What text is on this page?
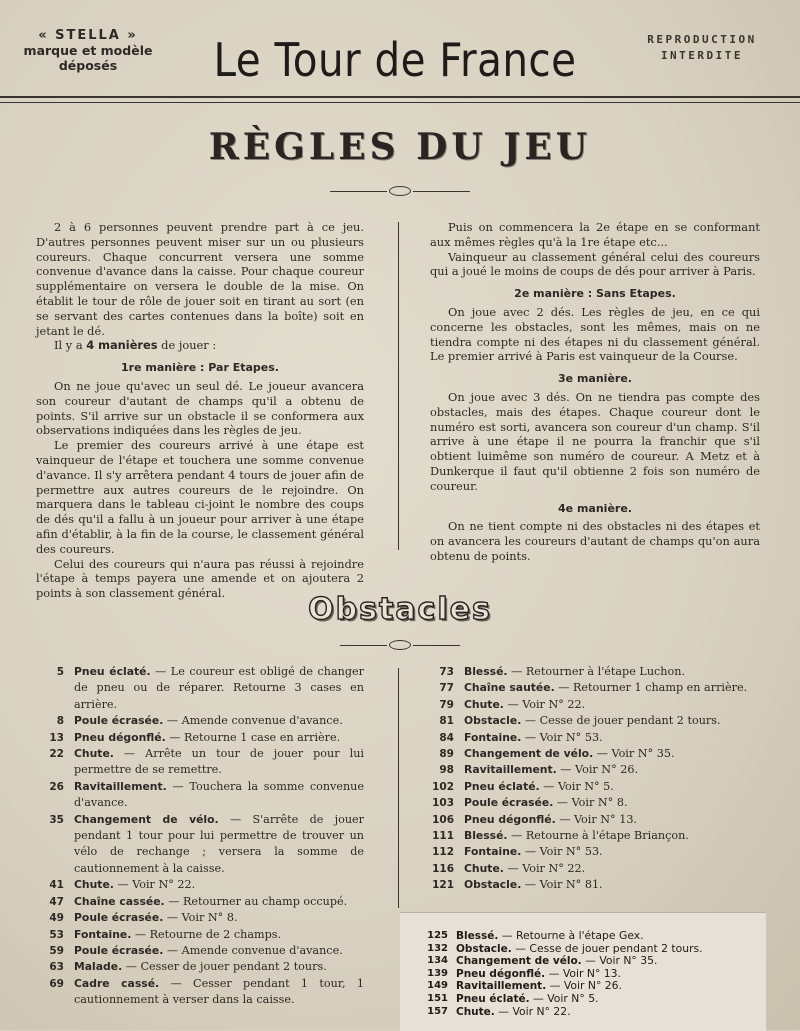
« STELLA »
marque et modèle
déposés	Le Tour de France	REPRODUCTION
INTERDITE
RÈGLES DU JEU

2 à 6 personnes peuvent prendre part à ce jeu. D'autres personnes peuvent miser sur un ou plusieurs coureurs. Chaque concurrent versera une somme convenue d'avance dans la caisse. Pour chaque coureur supplémentaire on versera le double de la mise. On établit le tour de rôle de jouer soit en tirant au sort (en se servant des cartes contenues dans la boîte) soit en jetant le dé.

Il y a 4 manières de jouer :

1re manière : Par Etapes.

On ne joue qu'avec un seul dé. Le joueur avancera son coureur d'autant de champs qu'il a obtenu de points. S'il arrive sur un obstacle il se conformera aux observations indiquées dans les règles de jeu.

Le premier des coureurs arrivé à une étape est vainqueur de l'étape et touchera une somme convenue d'avance. Il s'y arrêtera pendant 4 tours de jouer afin de permettre aux autres coureurs de le rejoindre. On marquera dans le tableau ci-joint le nombre des coups de dés qu'il a fallu à un joueur pour arriver à une étape afin d'établir, à la fin de la course, le classement général des coureurs.

Celui des coureurs qui n'aura pas réussi à rejoindre l'étape à temps payera une amende et on ajoutera 2 points à son classement général.

Puis on commencera la 2e étape en se conformant aux mêmes règles qu'à la 1re étape etc...

Vainqueur au classement général celui des coureurs qui a joué le moins de coups de dés pour arriver à Paris.

2e manière : Sans Etapes.

On joue avec 2 dés. Les règles de jeu, en ce qui concerne les obstacles, sont les mêmes, mais on ne tiendra compte ni des étapes ni du classement général. Le premier arrivé à Paris est vainqueur de la Course.

3e manière.

On joue avec 3 dés. On ne tiendra pas compte des obstacles, mais des étapes. Chaque coureur dont le numéro est sorti, avancera son coureur d'un champ. S'il arrive à une étape il ne pourra la franchir que s'il obtient luimême son numéro de coureur. A Metz et à Dunkerque il faut qu'il obtienne 2 fois son numéro de coureur.

4e manière.

On ne tient compte ni des obstacles ni des étapes et on avancera les coureurs d'autant de champs qu'on aura obtenu de points.

Obstacles
5 Pneu éclaté. — Le coureur est obligé de changer de pneu ou de réparer. Retourne 3 cases en arrière.
8 Poule écrasée. — Amende convenue d'avance.
13 Pneu dégonflé. — Retourne 1 case en arrière.
22 Chute. — Arrête un tour de jouer pour lui permettre de se remettre.
26 Ravitaillement. — Touchera la somme convenue d'avance.
35 Changement de vélo. — S'arrête de jouer pendant 1 tour pour lui permettre de trouver un vélo de rechange ; versera la somme de cautionnement à la caisse.
41 Chute. — Voir N° 22.
47 Chaîne cassée. — Retourner au champ occupé.
49 Poule écrasée. — Voir N° 8.
53 Fontaine. — Retourne de 2 champs.
59 Poule écrasée. — Amende convenue d'avance.
63 Malade. — Cesser de jouer pendant 2 tours.
69 Cadre cassé. — Cesser pendant 1 tour, 1 cautionnement à verser dans la caisse.
73 Blessé. — Retourner à l'étape Luchon.
77 Chaîne sautée. — Retourner 1 champ en arrière.
79 Chute. — Voir N° 22.
81 Obstacle. — Cesse de jouer pendant 2 tours.
84 Fontaine. — Voir N° 53.
89 Changement de vélo. — Voir N° 35.
98 Ravitaillement. — Voir N° 26.
102 Pneu éclaté. — Voir N° 5.
103 Poule écrasée. — Voir N° 8.
106 Pneu dégonflé. — Voir N° 13.
111 Blessé. — Retourne à l'étape Briançon.
112 Fontaine. — Voir N° 53.
116 Chute. — Voir N° 22.
121 Obstacle. — Voir N° 81.
125 Blessé. — Retourne à l'étape Gex.
132 Obstacle. — Cesse de jouer pendant 2 tours.
134 Changement de vélo. — Voir N° 35.
139 Pneu dégonflé. — Voir N° 13.
149 Ravitaillement. — Voir N° 26.
151 Pneu éclaté. — Voir N° 5.
157 Chute. — Voir N° 22.
